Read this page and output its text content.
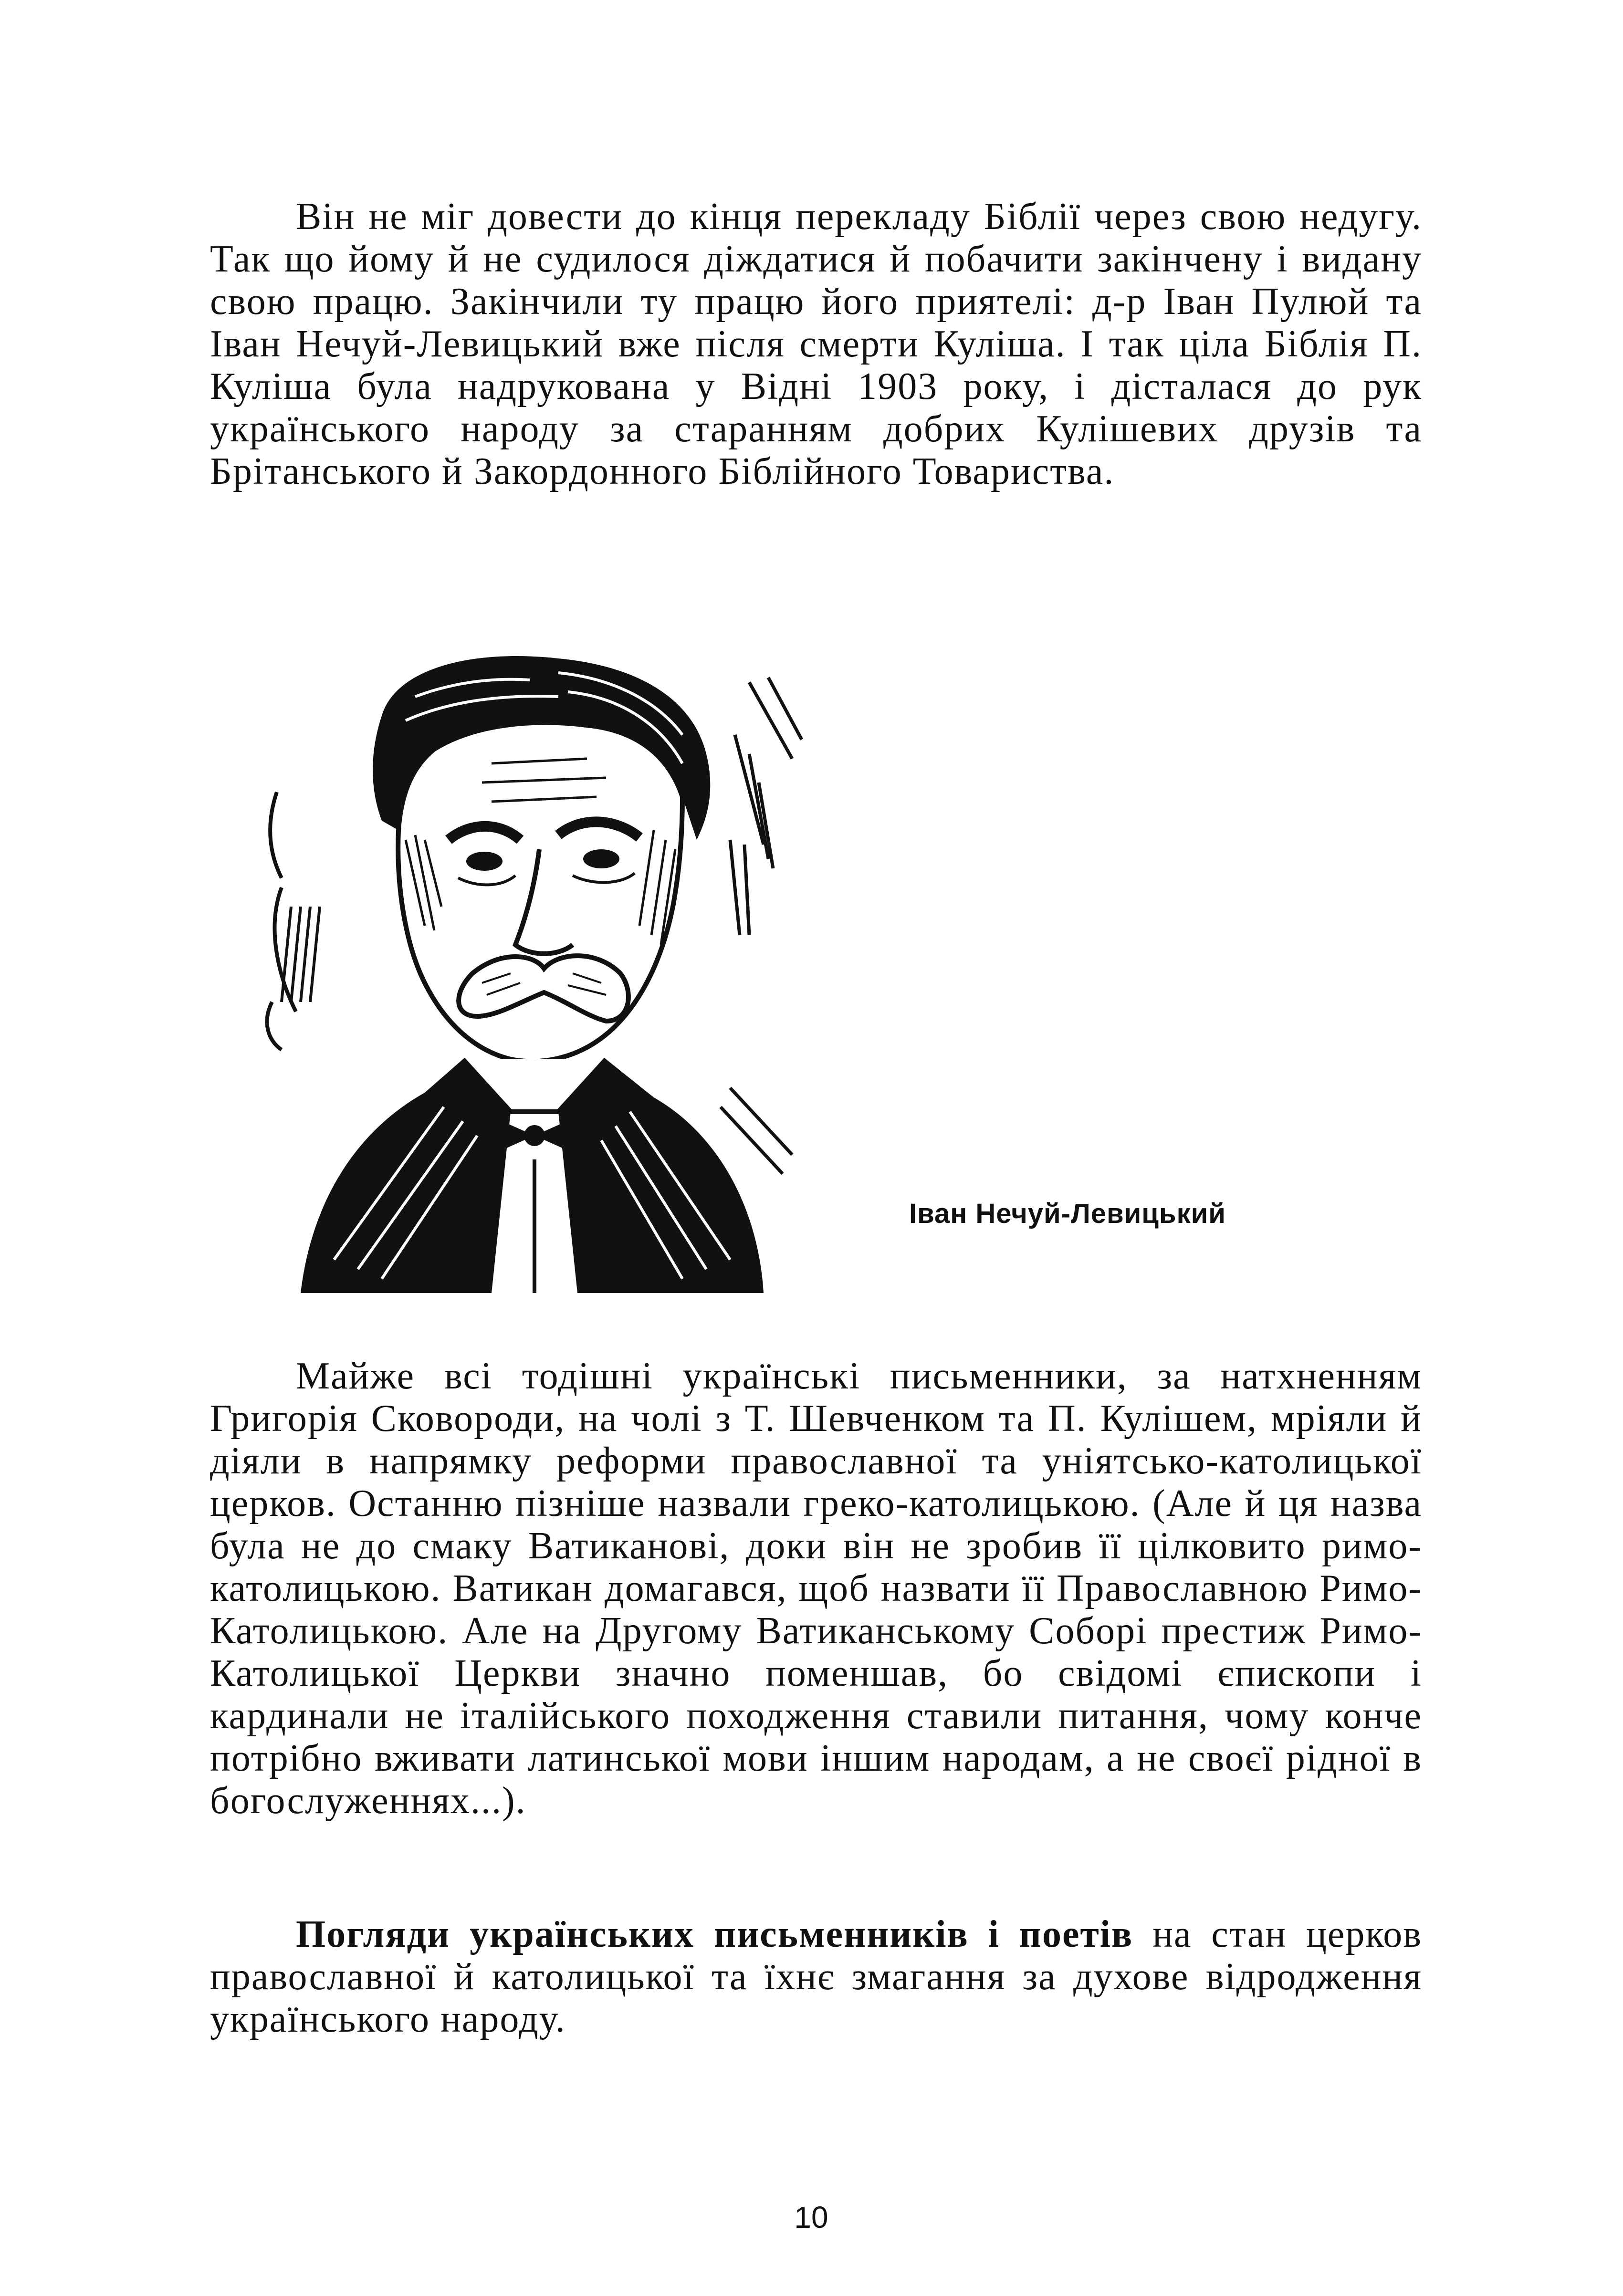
Він не міг довести до кінця перекладу Біблії через свою недугу. Так що йому й не судилося діждатися й побачити закінчену і видану свою працю. Закінчили ту працю його приятелі: д-р Іван Пулюй та Іван Нечуй-Левицький вже після смерти Куліша. І так ціла Біблія П. Куліша була надрукована у Відні 1903 року, і дісталася до рук українського народу за старанням добрих Кулішевих друзів та Брітанського й Закордонного Біблійного Товариства.

Іван Нечуй-Левицький

Майже всі тодішні українські письменники, за натхненням Григорія Сковороди, на чолі з Т. Шевченком та П. Кулішем, мріяли й діяли в напрямку реформи православної та уніятсько-католицької церков. Останню пізніше назвали греко-католицькою. (Але й ця назва була не до смаку Ватиканові, доки він не зробив її цілковито римо-католицькою. Ватикан домагався, щоб назвати її Православною Римо-Католицькою. Але на Другому Ватиканському Соборі престиж Римо-Католицької Церкви значно поменшав, бо свідомі єпископи і кардинали не італійського походження ставили питання, чому конче потрібно вживати латинської мови іншим народам, а не своєї рідної в богослуженнях...).

Погляди українських письменників і поетів на стан церков православної й католицької та їхнє змагання за духове відродження українського народу.

10
